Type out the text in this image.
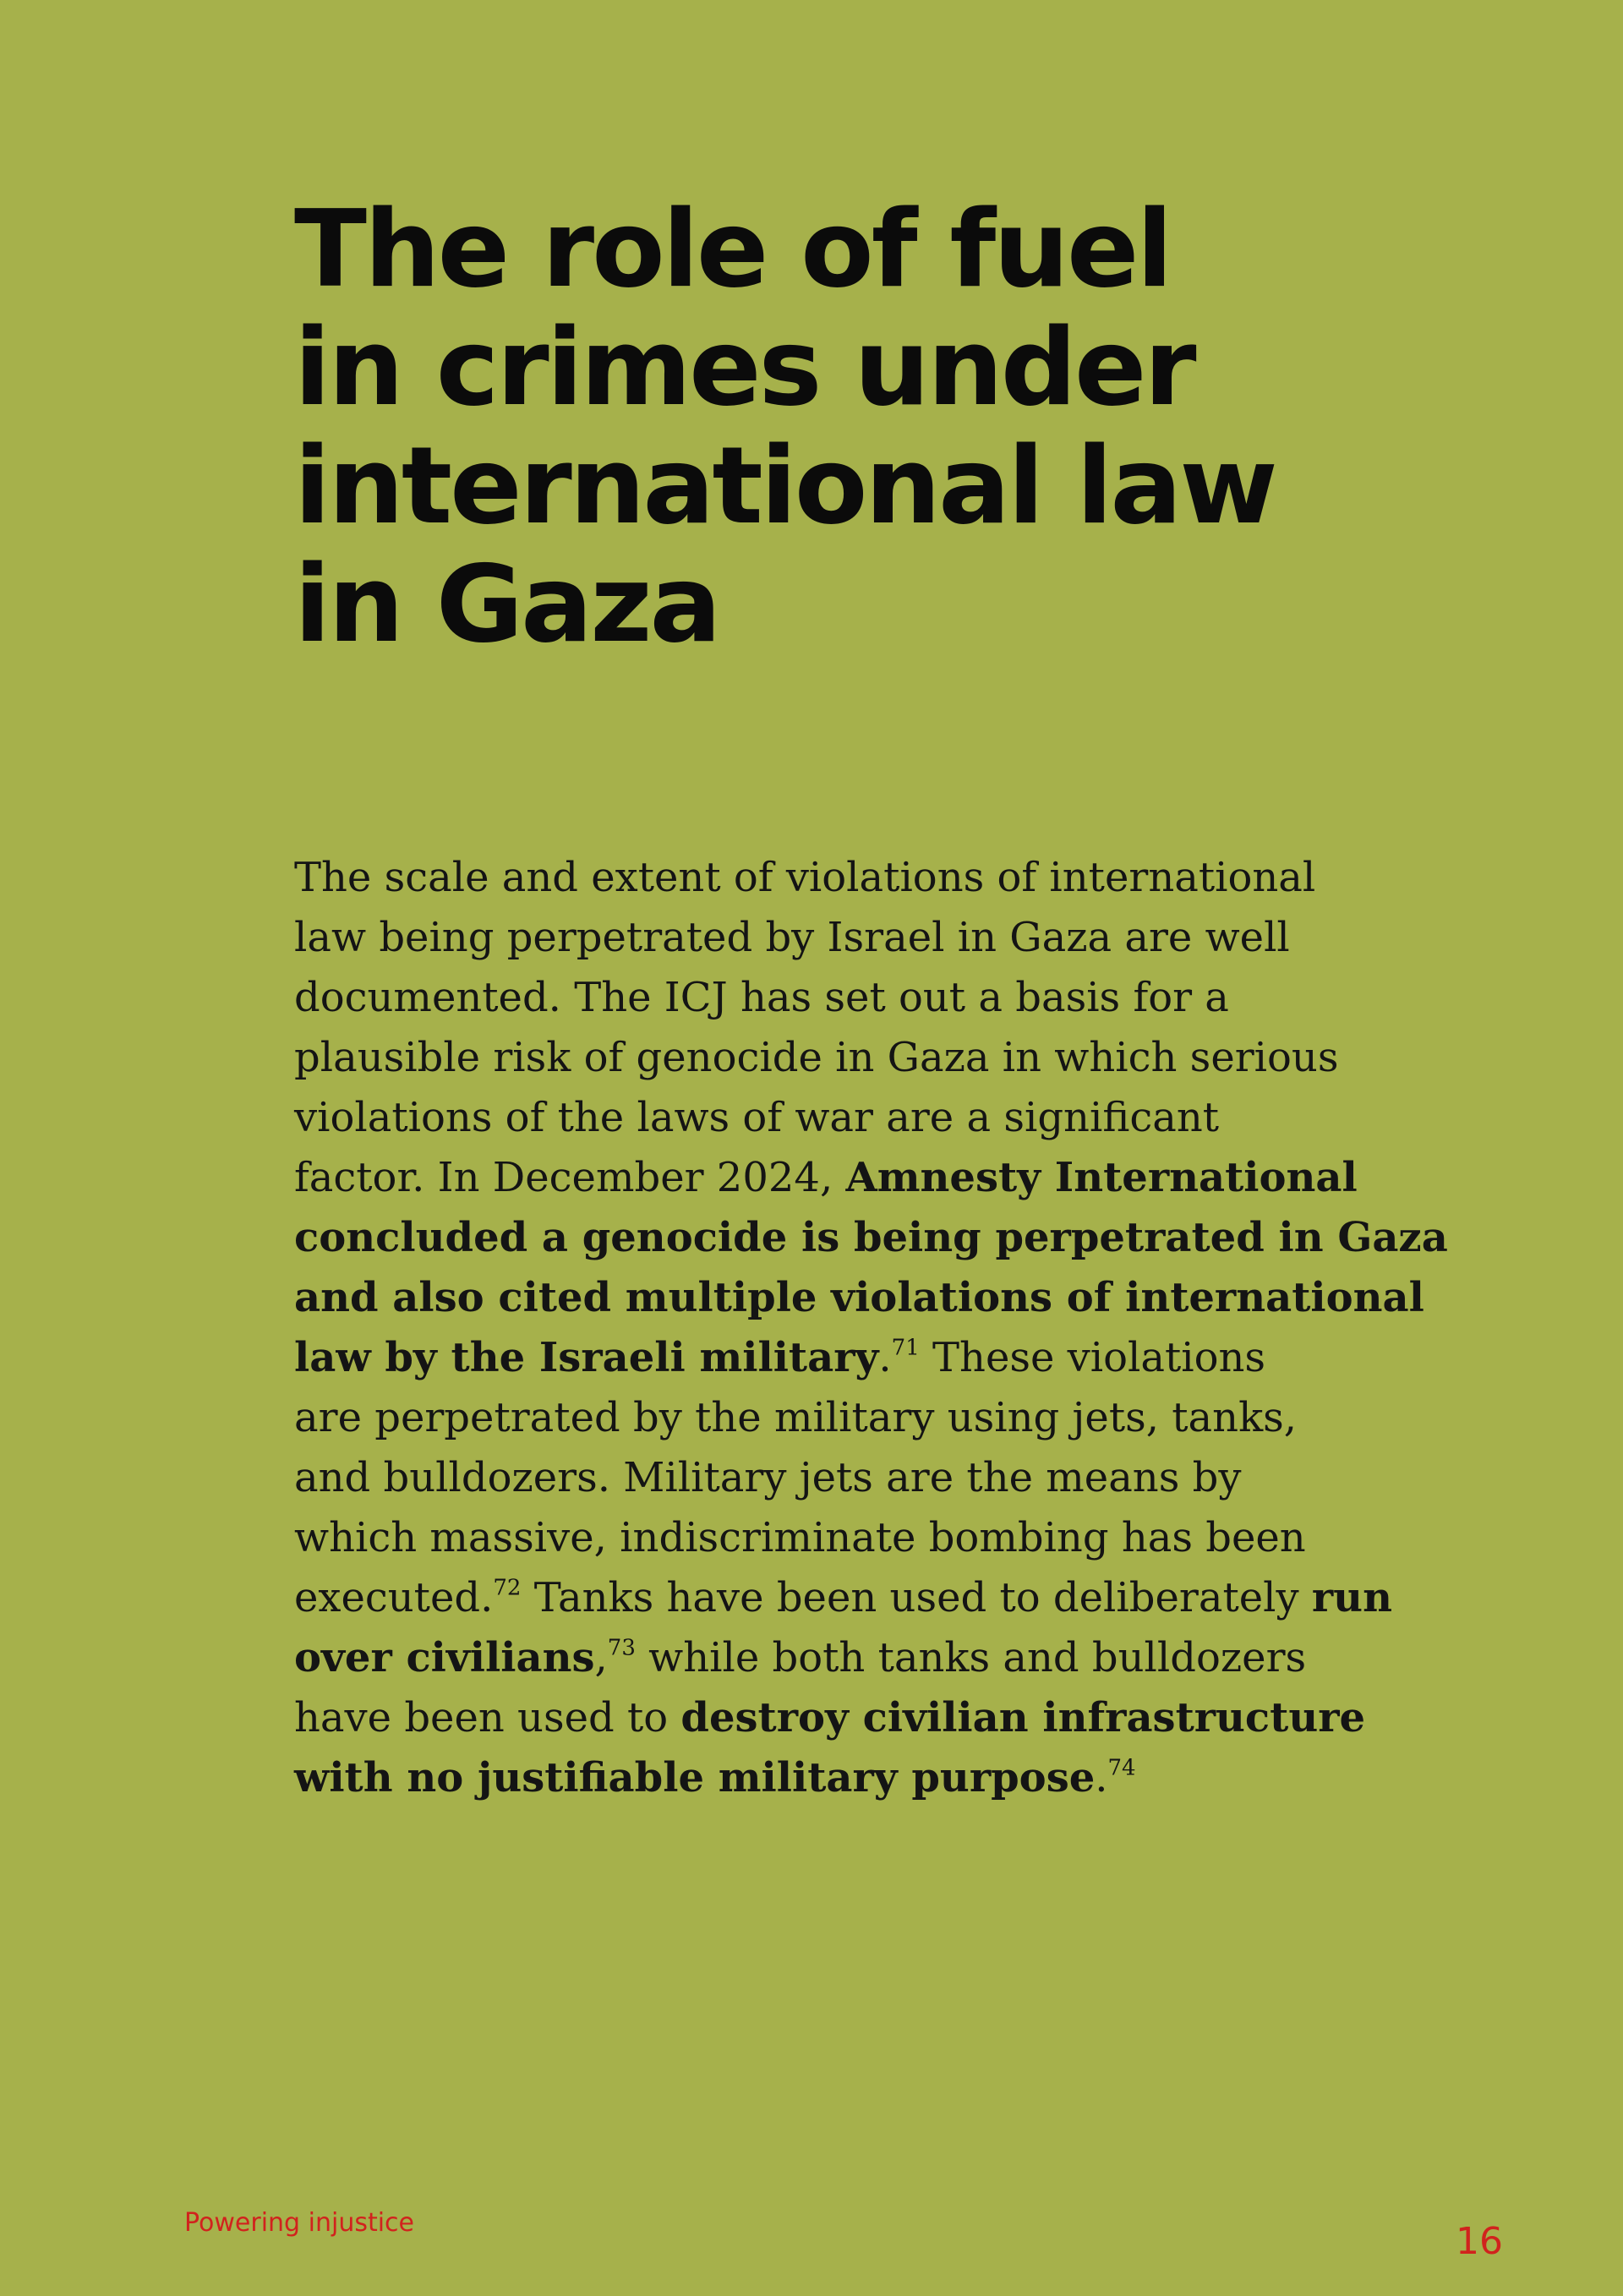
The role of fuel
in crimes under
international law
in Gaza

The scale and extent of violations of international
law being perpetrated by Israel in Gaza are well
documented. The ICJ has set out a basis for a
plausible risk of genocide in Gaza in which serious
violations of the laws of war are a significant
factor. In December 2024, Amnesty International
concluded a genocide is being perpetrated in Gaza
and also cited multiple violations of international
law by the Israeli military.$^{71}$ These violations
are perpetrated by the military using jets, tanks,
and bulldozers. Military jets are the means by
which massive, indiscriminate bombing has been
executed.$^{72}$ Tanks have been used to deliberately run
over civilians,$^{73}$ while both tanks and bulldozers
have been used to destroy civilian infrastructure
with no justifiable military purpose.$^{74}$

Powering injustice	16
